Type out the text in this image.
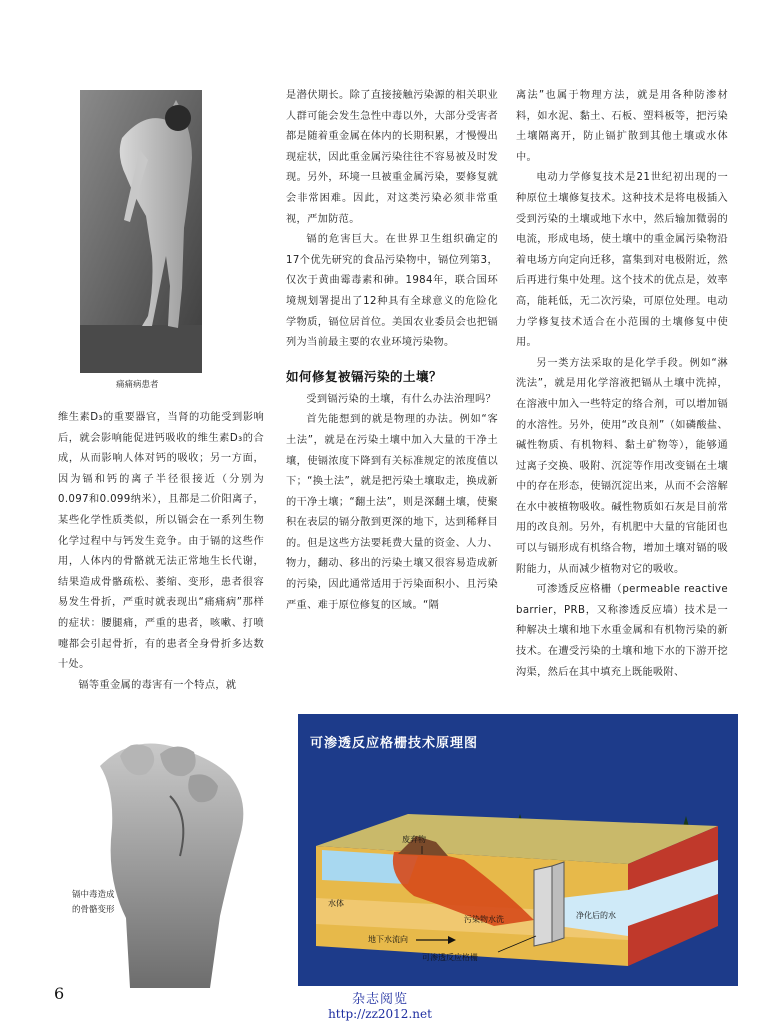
痛痛病患者

维生素D₃的重要器官，当肾的功能受到影响后，就会影响能促进钙吸收的维生素D₃的合成，从而影响人体对钙的吸收；另一方面，因为镉和钙的离子半径很接近（分别为0.097和0.099纳米），且都是二价阳离子，某些化学性质类似，所以镉会在一系列生物化学过程中与钙发生竞争。由于镉的这些作用，人体内的骨骼就无法正常地生长代谢，结果造成骨骼疏松、萎缩、变形，患者很容易发生骨折，严重时就表现出“痛痛病”那样的症状：腰腿痛，严重的患者，咳嗽、打喷嚏都会引起骨折，有的患者全身骨折多达数十处。

镉等重金属的毒害有一个特点，就

是潜伏期长。除了直接接触污染源的相关职业人群可能会发生急性中毒以外，大部分受害者都是随着重金属在体内的长期积累，才慢慢出现症状，因此重金属污染往往不容易被及时发现。另外，环境一旦被重金属污染，要修复就会非常困难。因此，对这类污染必须非常重视，严加防范。

镉的危害巨大。在世界卫生组织确定的17个优先研究的食品污染物中，镉位列第3，仅次于黄曲霉毒素和砷。1984年，联合国环境规划署提出了12种具有全球意义的危险化学物质，镉位居首位。美国农业委员会也把镉列为当前最主要的农业环境污染物。

如何修复被镉污染的土壤？

受到镉污染的土壤，有什么办法治理吗？

首先能想到的就是物理的办法。例如“客土法”，就是在污染土壤中加入大量的干净土壤，使镉浓度下降到有关标准规定的浓度值以下；“换土法”，就是把污染土壤取走，换成新的干净土壤；“翻土法”，则是深翻土壤，使聚积在表层的镉分散到更深的地下，达到稀释目的。但是这些方法要耗费大量的资金、人力、物力，翻动、移出的污染土壤又很容易造成新的污染，因此通常适用于污染面积小、且污染严重、难于原位修复的区域。“隔

离法”也属于物理方法，就是用各种防渗材料，如水泥、黏土、石板、塑料板等，把污染土壤隔离开，防止镉扩散到其他土壤或水体中。

电动力学修复技术是21世纪初出现的一种原位土壤修复技术。这种技术是将电极插入受到污染的土壤或地下水中，然后输加微弱的电流，形成电场，使土壤中的重金属污染物沿着电场方向定向迁移，富集到对电极附近，然后再进行集中处理。这个技术的优点是，效率高，能耗低，无二次污染，可原位处理。电动力学修复技术适合在小范围的土壤修复中使用。

另一类方法采取的是化学手段。例如“淋洗法”，就是用化学溶液把镉从土壤中洗掉，在溶液中加入一些特定的络合剂，可以增加镉的水溶性。另外，使用“改良剂”（如磷酸盐、碱性物质、有机物料、黏土矿物等），能够通过离子交换、吸附、沉淀等作用改变镉在土壤中的存在形态，使镉沉淀出来，从而不会溶解在水中被植物吸收。碱性物质如石灰是目前常用的改良剂。另外，有机肥中大量的官能团也可以与镉形成有机络合物，增加土壤对镉的吸附能力，从而减少植物对它的吸收。

可渗透反应格栅（permeable reactive barrier，PRB，又称渗透反应墙）技术是一种解决土壤和地下水重金属和有机物污染的新技术。在遭受污染的土壤和地下水的下游开挖沟渠，然后在其中填充上既能吸附、

镉中毒造成
的骨骼变形
可渗透反应格栅技术原理图
废弃物
水体
污染物水洗	净化后的水
地下水流向
可渗透反应格栅
6	杂志阅览
http://zz2012.net
